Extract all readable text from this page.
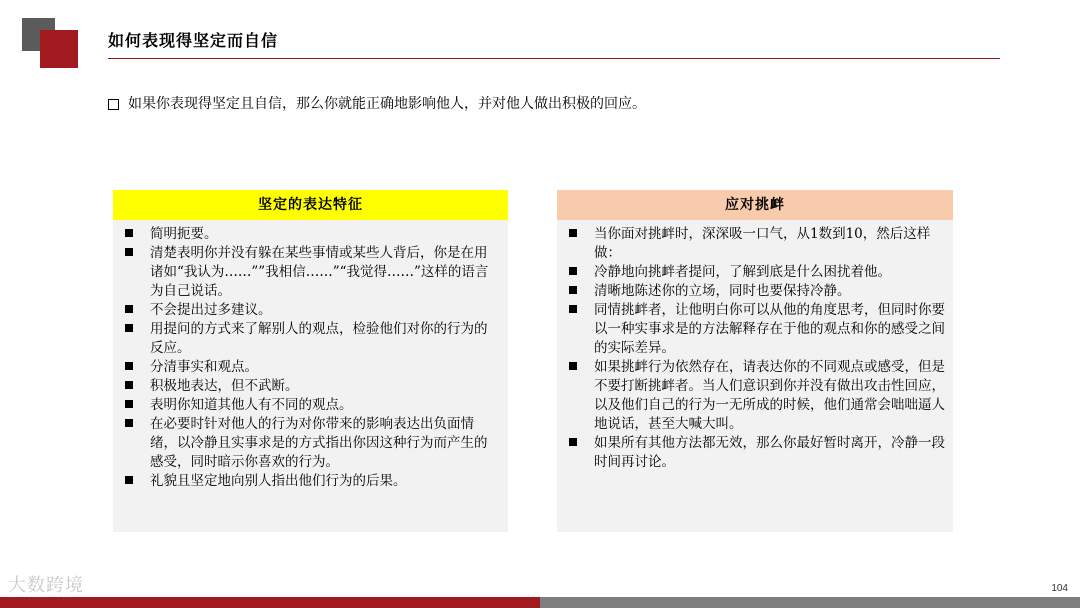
如何表现得坚定而自信
如果你表现得坚定且自信，那么你就能正确地影响他人，并对他人做出积极的回应。
坚定的表达特征
简明扼要。
清楚表明你并没有躲在某些事情或某些人背后，你是在用诸如“我认为……””我相信……”“我觉得……”这样的语言为自己说话。
不会提出过多建议。
用提问的方式来了解别人的观点，检验他们对你的行为的反应。
分清事实和观点。
积极地表达，但不武断。
表明你知道其他人有不同的观点。
在必要时针对他人的行为对你带来的影响表达出负面情绪，以冷静且实事求是的方式指出你因这种行为而产生的感受，同时暗示你喜欢的行为。
礼貌且坚定地向别人指出他们行为的后果。
应对挑衅
当你面对挑衅时，深深吸一口气，从1数到10，然后这样做：
冷静地向挑衅者提问，了解到底是什么困扰着他。
清晰地陈述你的立场，同时也要保持冷静。
同情挑衅者，让他明白你可以从他的角度思考，但同时你要以一种实事求是的方法解释存在于他的观点和你的感受之间的实际差异。
如果挑衅行为依然存在，请表达你的不同观点或感受，但是不要打断挑衅者。当人们意识到你并没有做出攻击性回应，以及他们自己的行为一无所成的时候，他们通常会咄咄逼人地说话，甚至大喊大叫。
如果所有其他方法都无效，那么你最好暂时离开，冷静一段时间再讨论。
大数跨境	104
